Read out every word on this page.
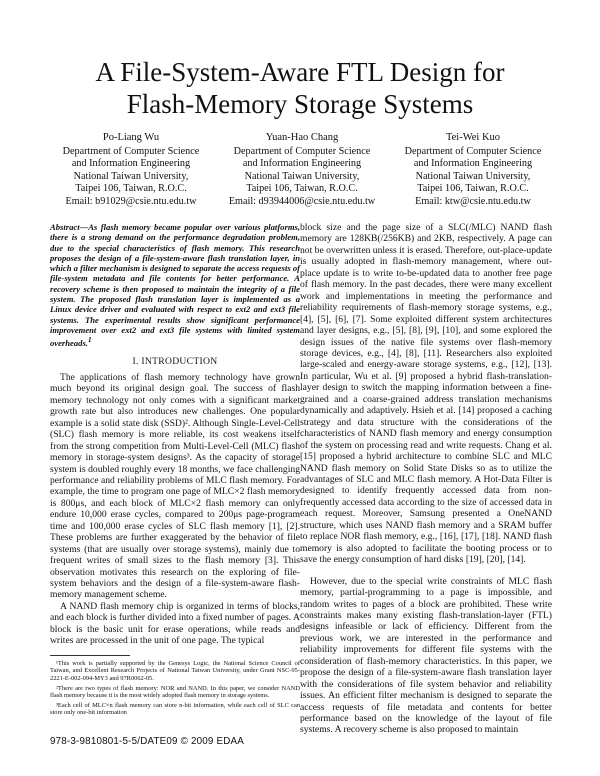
A File-System-Aware FTL Design for
Flash-Memory Storage Systems
Po-Liang Wu
Department of Computer Science
and Information Engineering
National Taiwan University,
Taipei 106, Taiwan, R.O.C.
Email: b91029@csie.ntu.edu.tw
Yuan-Hao Chang
Department of Computer Science
and Information Engineering
National Taiwan University,
Taipei 106, Taiwan, R.O.C.
Email: d93944006@csie.ntu.edu.tw
Tei-Wei Kuo
Department of Computer Science
and Information Engineering
National Taiwan University,
Taipei 106, Taiwan, R.O.C.
Email: ktw@csie.ntu.edu.tw
Abstract—As flash memory became popular over various platforms, there is a strong demand on the performance degradation problem, due to the special characteristics of flash memory. This research proposes the design of a file-system-aware flash translation layer, in which a filter mechanism is designed to separate the access requests of file-system metadata and file contents for better performance. A recovery scheme is then proposed to maintain the integrity of a file system. The proposed flash translation layer is implemented as a Linux device driver and evaluated with respect to ext2 and ext3 file systems. The experimental results show significant performance improvement over ext2 and ext3 file systems with limited system overheads.$^1$
I. INTRODUCTION

The applications of flash memory technology have grown much beyond its original design goal. The success of flash memory technology not only comes with a significant market growth rate but also introduces new challenges. One popular example is a solid state disk (SSD)². Although Single-Level-Cell (SLC) flash memory is more reliable, its cost weakens itself from the strong competition from Multi-Level-Cell (MLC) flash memory in storage-system designs³. As the capacity of storage system is doubled roughly every 18 months, we face challenging performance and reliability problems of MLC flash memory. For example, the time to program one page of MLC×2 flash memory is 800μs, and each block of MLC×2 flash memory can only endure 10,000 erase cycles, compared to 200μs page-program time and 100,000 erase cycles of SLC flash memory [1], [2]. These problems are further exaggerated by the behavior of file systems (that are usually over storage systems), mainly due to frequent writes of small sizes to the flash memory [3]. This observation motivates this research on the exploring of file-system behaviors and the design of a file-system-aware flash-memory management scheme.

A NAND flash memory chip is organized in terms of blocks, and each block is further divided into a fixed number of pages. A block is the basic unit for erase operations, while reads and writes are processed in the unit of one page. The typical

¹This work is partially supported by the Genesys Logic, the National Science Council of Taiwan, and Excellent Research Projects of National Taiwan University, under Grant NSC-95-2221-E-002-094-MY3 and 97R0062-05.
²There are two types of flash memory: NOR and NAND. In this paper, we consider NAND flash memory because it is the most widely adopted flash memory in storage systems.
³Each cell of MLC×n flash memory can store n-bit information, while each cell of SLC can store only one-bit information

block size and the page size of a SLC(/MLC) NAND flash memory are 128KB(/256KB) and 2KB, respectively. A page can not be overwritten unless it is erased. Therefore, out-place-update is usually adopted in flash-memory management, where out-place update is to write to-be-updated data to another free page of flash memory. In the past decades, there were many excellent work and implementations in meeting the performance and reliability requirements of flash-memory storage systems, e.g., [4], [5], [6], [7]. Some exploited different system architectures and layer designs, e.g., [5], [8], [9], [10], and some explored the design issues of the native file systems over flash-memory storage devices, e.g., [4], [8], [11]. Researchers also exploited large-scaled and energy-aware storage systems, e.g., [12], [13]. In particular, Wu et al. [9] proposed a hybrid flash-translation-layer design to switch the mapping information between a fine-grained and a coarse-grained address translation mechanisms dynamically and adaptively. Hsieh et al. [14] proposed a caching strategy and data structure with the considerations of the characteristics of NAND flash memory and energy consumption of the system on processing read and write requests. Chang et al. [15] proposed a hybrid architecture to combine SLC and MLC NAND flash memory on Solid State Disks so as to utilize the advantages of SLC and MLC flash memory. A Hot-Data Filter is designed to identify frequently accessed data from non-frequently accessed data according to the size of accessed data in each request. Moreover, Samsung presented a OneNAND structure, which uses NAND flash memory and a SRAM buffer to replace NOR flash memory, e.g., [16], [17], [18]. NAND flash memory is also adopted to facilitate the booting process or to save the energy consumption of hard disks [19], [20], [14].

However, due to the special write constraints of MLC flash memory, partial-programming to a page is impossible, and random writes to pages of a block are prohibited. These write constraints makes many existing flash-translation-layer (FTL) designs infeasible or lack of efficiency. Different from the previous work, we are interested in the performance and reliability improvements for different file systems with the consideration of flash-memory characteristics. In this paper, we propose the design of a file-system-aware flash translation layer with the considerations of file system behavior and reliability issues. An efficient filter mechanism is designed to separate the access requests of file metadata and contents for better performance based on the knowledge of the layout of file systems. A recovery scheme is also proposed to maintain

978-3-9810801-5-5/DATE09 © 2009 EDAA
